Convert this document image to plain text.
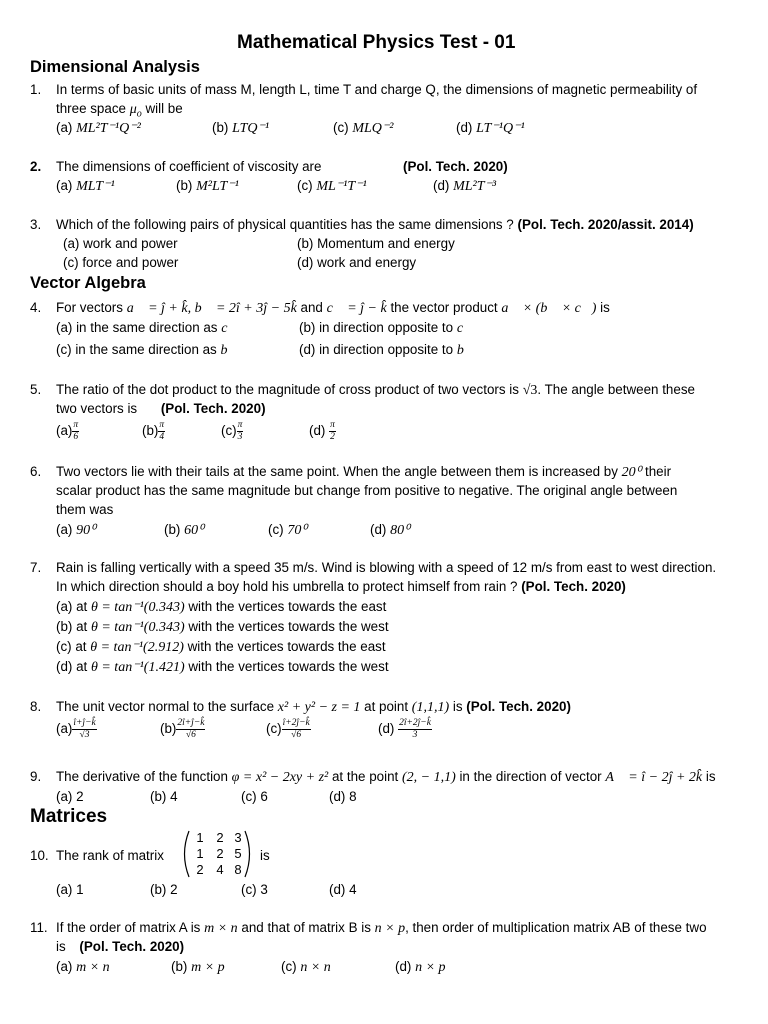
Mathematical Physics Test - 01
Dimensional Analysis
1. In terms of basic units of mass M, length L, time T and charge Q, the dimensions of magnetic permeability of
three space $\mu_o$ will be
(a) ML²T⁻¹Q⁻²	(b) LTQ⁻¹	(c) MLQ⁻²	(d) LT⁻¹Q⁻¹
2. The dimensions of coefficient of viscosity are	(Pol. Tech. 2020)
(a) MLT⁻¹	(b) M²LT⁻¹	(c) ML⁻¹T⁻¹	(d) ML²T⁻³
3. Which of the following pairs of physical quantities has the same dimensions ? (Pol. Tech. 2020/assit. 2014)
(a) work and power	(b) Momentum and energy
(c) force and power	(d) work and energy
Vector Algebra
4. For vectors a⃗ = ĵ + k̂, b⃗ = 2î + 3ĵ − 5k̂ and c⃗ = ĵ − k̂ the vector product a⃗ × (b⃗ × c⃗) is
(a) in the same direction as c⃗	(b) in direction opposite to c⃗
(c) in the same direction as b⃗	(d) in direction opposite to b⃗
5. The ratio of the dot product to the magnitude of cross product of two vectors is √3. The angle between these
two vectors is (Pol. Tech. 2020)
$(a) \frac{\pi}{6}$	$(b) \frac{\pi}{4}$	$(c) \frac{\pi}{3}$	$(d) \frac{\pi}{2}$
6. Two vectors lie with their tails at the same point. When the angle between them is increased by 20⁰ their
scalar product has the same magnitude but change from positive to negative. The original angle between
them was
(a) 90⁰	(b) 60⁰	(c) 70⁰	(d) 80⁰
7. Rain is falling vertically with a speed 35 m/s. Wind is blowing with a speed of 12 m/s from east to west direction.
In which direction should a boy hold his umbrella to protect himself from rain ? (Pol. Tech. 2020)
(a) at θ = tan⁻¹(0.343) with the vertices towards the east
(b) at θ = tan⁻¹(0.343) with the vertices towards the west
(c) at θ = tan⁻¹(2.912) with the vertices towards the east
(d) at θ = tan⁻¹(1.421) with the vertices towards the west
8. The unit vector normal to the surface x² + y² − z = 1 at point (1,1,1) is (Pol. Tech. 2020)
$(a) \frac{î+ĵ-k̂}{√3}$	$(b) \frac{2î+ĵ-k̂}{√6}$	$(c) \frac{î+2ĵ-k̂}{√6}$	$(d) \frac{2î+2ĵ-k̂}{3}$
9. The derivative of the function φ = x² − 2xy + z² at the point (2, − 1,1) in the direction of vector A⃗ = î − 2ĵ + 2k̂ is
(a) 2	(b) 4	(c) 6	(d) 8
Matrices
10. The rank of matrix
1 2 3
1 2 5
2 4 8
is
(a) 1	(b) 2	(c) 3	(d) 4
11. If the order of matrix A is m × n and that of matrix B is n × p, then order of multiplication matrix AB of these two
is (Pol. Tech. 2020)
(a) m × n	(b) m × p	(c) n × n	(d) n × p
